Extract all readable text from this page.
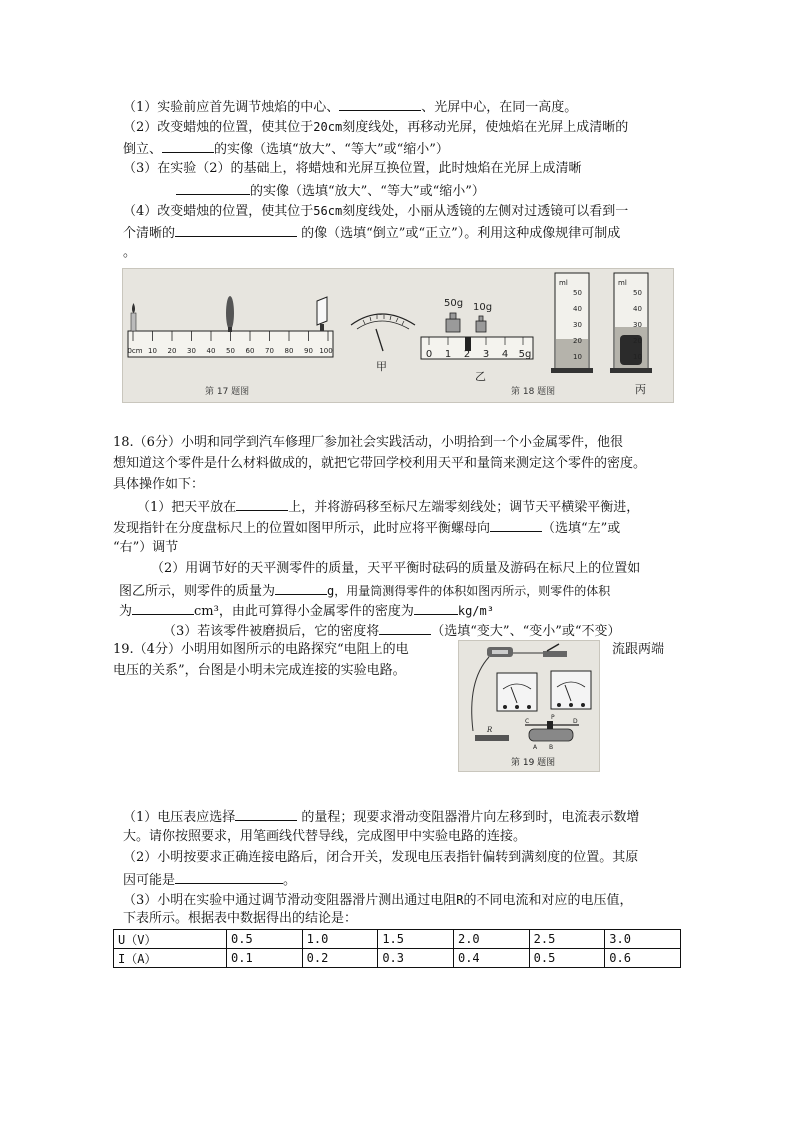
（1）实验前应首先调节烛焰的中心、	、光屏中心，在同一高度。
（2）改变蜡烛的位置，使其位于20cm刻度线处，再移动光屏，使烛焰在光屏上成清晰的
倒立、	的实像（选填“放大”、“等大”或“缩小”）
（3）在实验（2）的基础上，将蜡烛和光屏互换位置，此时烛焰在光屏上成清晰
的实像（选填“放大”、“等大”或“缩小”）
（4）改变蜡烛的位置，使其位于56cm刻度线处，小丽从透镜的左侧对过透镜可以看到一
个清晰的	的像（选填“倒立”或“正立”）。利用这种成像规律可制成
。
0cm 10 20 30 40 50 60 70 80 90 100
第 17 题图
甲
50g 10g
0 1 2 3 4 5g
乙
ml
50
40
30
20
10
ml
50
40
30
20
10
第 18 题图	丙
18.（6分）小明和同学到汽车修理厂参加社会实践活动，小明拾到一个小金属零件，他很
想知道这个零件是什么材料做成的，就把它带回学校利用天平和量筒来测定这个零件的密度。
具体操作如下：
（1）把天平放在	上，并将游码移至标尺左端零刻线处；调节天平横梁平衡进，
发现指针在分度盘标尺上的位置如图甲所示，此时应将平衡螺母向	（选填“左”或
“右”）调节
（2）用调节好的天平测零件的质量，天平平衡时砝码的质量及游码在标尺上的位置如
图乙所示，则零件的质量为	g，用量筒测得零件的体积如图丙所示，则零件的体积
为	cm³，由此可算得小金属零件的密度为	kg/m³
（3）若该零件被磨损后，它的密度将	（选填“变大”、“变小”或“不变）
19.（4分）小明用如图所示的电路探究“电阻上的电	流跟两端
电压的关系”，台图是小明未完成连接的实验电路。
R
C
P
D
A B
第 19 题图
（1）电压表应选择	的量程；现要求滑动变阻器滑片向左移到时，电流表示数增
大。请你按照要求，用笔画线代替导线，完成图甲中实验电路的连接。
（2）小明按要求正确连接电路后，闭合开关，发现电压表指针偏转到满刻度的位置。其原
因可能是	。
（3）小明在实验中通过调节滑动变阻器滑片测出通过电阻R的不同电流和对应的电压值，
下表所示。根据表中数据得出的结论是：
U（V）	0.5	1.0	1.5	2.0	2.5	3.0
I（A）	0.1	0.2	0.3	0.4	0.5	0.6
